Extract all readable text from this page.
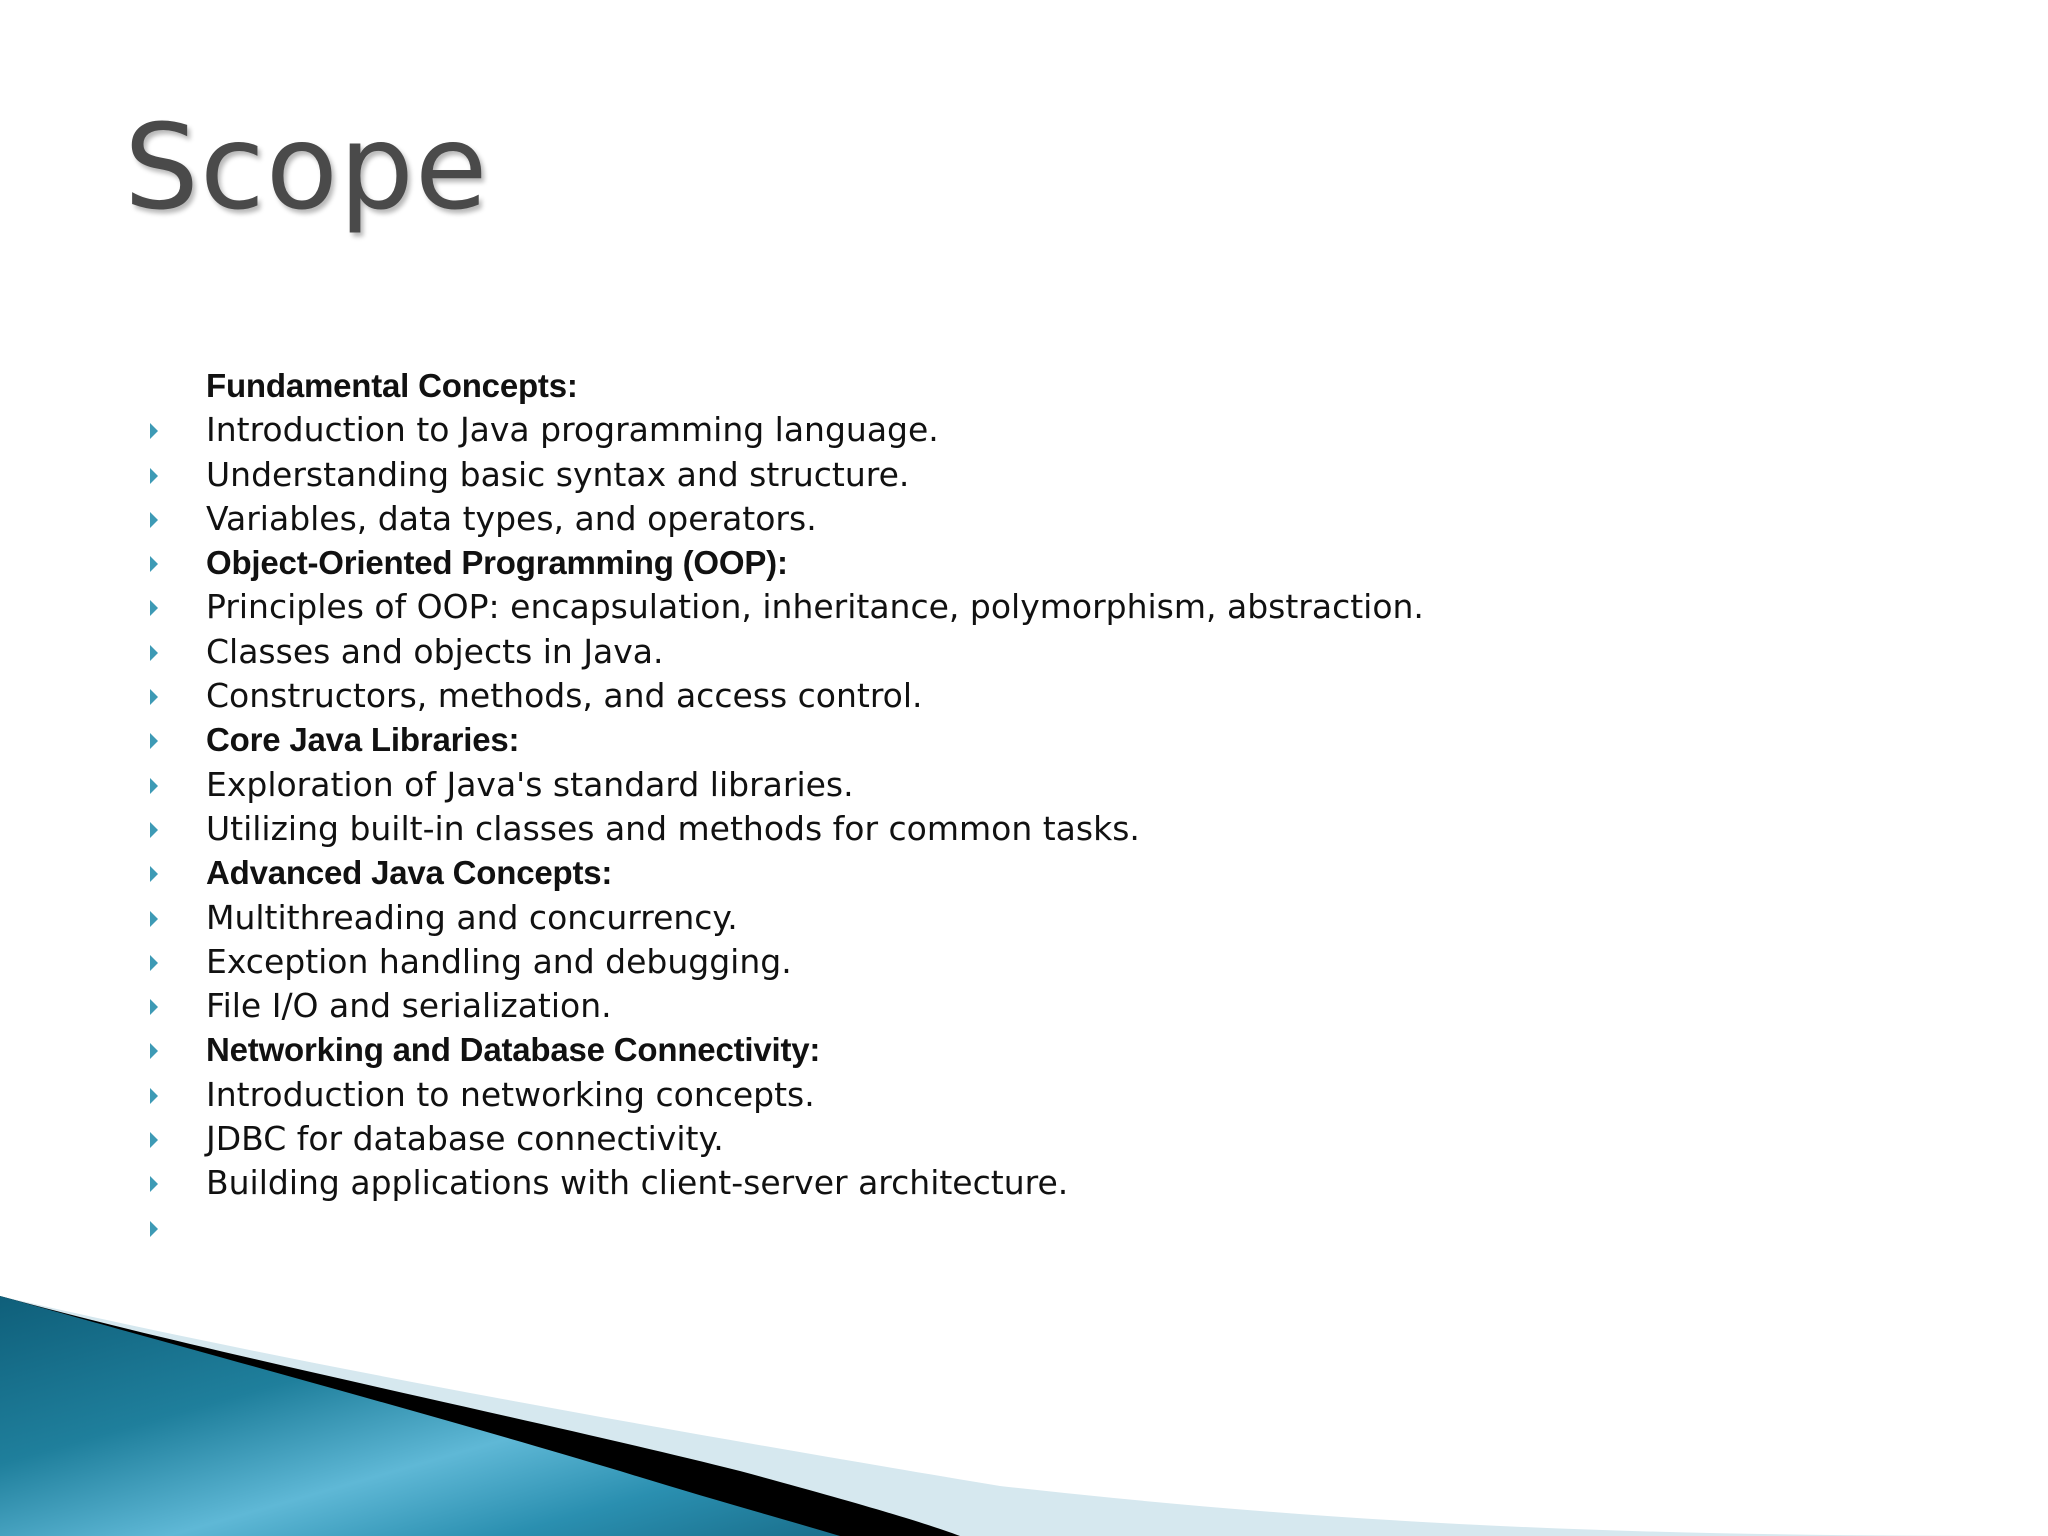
Scope
Fundamental Concepts:
Introduction to Java programming language.
Understanding basic syntax and structure.
Variables, data types, and operators.
Object-Oriented Programming (OOP):
Principles of OOP: encapsulation, inheritance, polymorphism, abstraction.
Classes and objects in Java.
Constructors, methods, and access control.
Core Java Libraries:
Exploration of Java's standard libraries.
Utilizing built-in classes and methods for common tasks.
Advanced Java Concepts:
Multithreading and concurrency.
Exception handling and debugging.
File I/O and serialization.
Networking and Database Connectivity:
Introduction to networking concepts.
JDBC for database connectivity.
Building applications with client-server architecture.
